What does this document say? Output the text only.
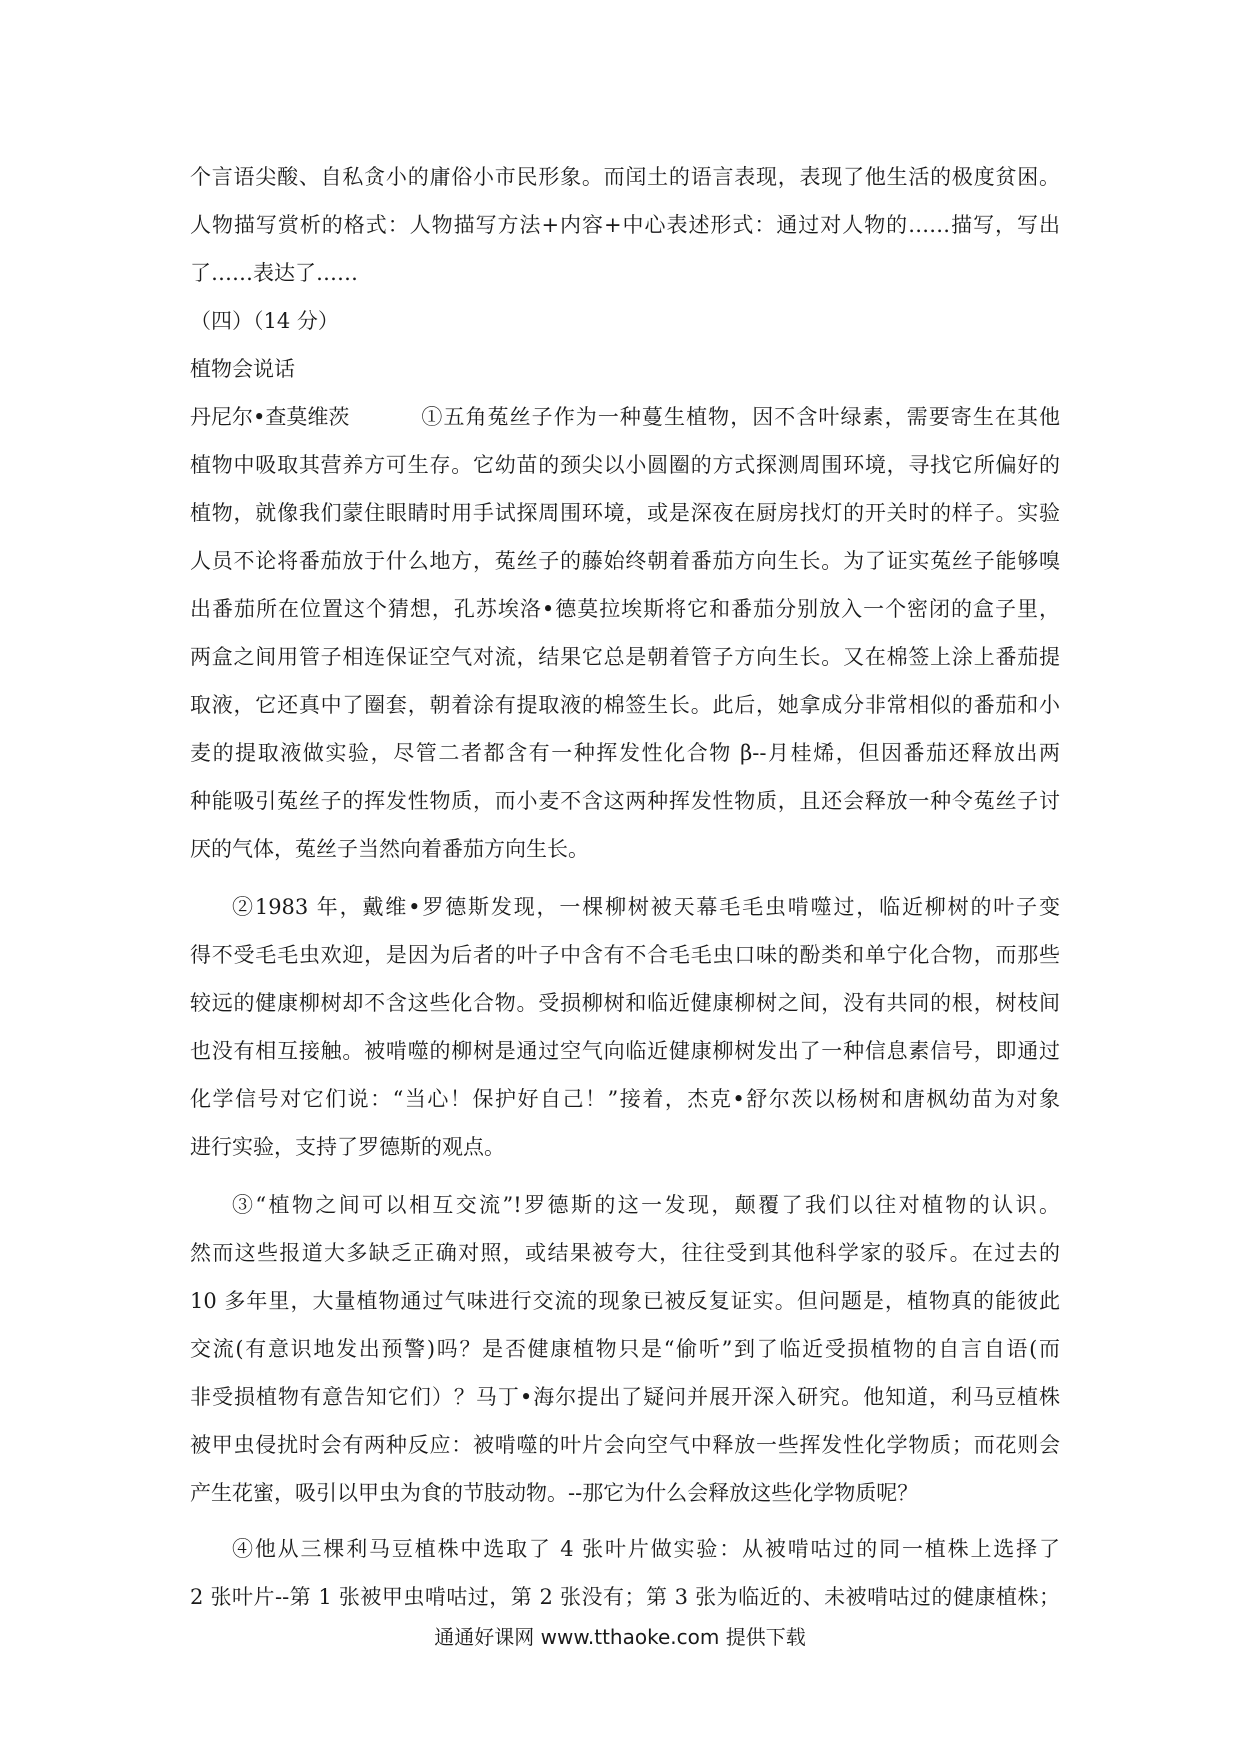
个言语尖酸、自私贪小的庸俗小市民形象。而闰土的语言表现，表现了他生活的极度贫困。
人物描写赏析的格式：人物描写方法+内容+中心表述形式：通过对人物的……描写，写出
了……表达了……
（四）（14 分）
植物会说话
丹尼尔•查莫维茨	①五角菟丝子作为一种蔓生植物，因不含叶绿素，需要寄生在其他
植物中吸取其营养方可生存。它幼苗的颈尖以小圆圈的方式探测周围环境，寻找它所偏好的
植物，就像我们蒙住眼睛时用手试探周围环境，或是深夜在厨房找灯的开关时的样子。实验
人员不论将番茄放于什么地方，菟丝子的藤始终朝着番茄方向生长。为了证实菟丝子能够嗅
出番茄所在位置这个猜想，孔苏埃洛•德莫拉埃斯将它和番茄分别放入一个密闭的盒子里，
两盒之间用管子相连保证空气对流，结果它总是朝着管子方向生长。又在棉签上涂上番茄提
取液，它还真中了圈套，朝着涂有提取液的棉签生长。此后，她拿成分非常相似的番茄和小
麦的提取液做实验，尽管二者都含有一种挥发性化合物 β--月桂烯，但因番茄还释放出两
种能吸引菟丝子的挥发性物质，而小麦不含这两种挥发性物质，且还会释放一种令菟丝子讨
厌的气体，菟丝子当然向着番茄方向生长。
②1983 年，戴维•罗德斯发现，一棵柳树被天幕毛毛虫啃噬过，临近柳树的叶子变
得不受毛毛虫欢迎，是因为后者的叶子中含有不合毛毛虫口味的酚类和单宁化合物，而那些
较远的健康柳树却不含这些化合物。受损柳树和临近健康柳树之间，没有共同的根，树枝间
也没有相互接触。被啃噬的柳树是通过空气向临近健康柳树发出了一种信息素信号，即通过
化学信号对它们说：“当心！保护好自己！”接着，杰克•舒尔茨以杨树和唐枫幼苗为对象
进行实验，支持了罗德斯的观点。
③“植物之间可以相互交流”!罗德斯的这一发现，颠覆了我们以往对植物的认识。
然而这些报道大多缺乏正确对照，或结果被夸大，往往受到其他科学家的驳斥。在过去的
10 多年里，大量植物通过气味进行交流的现象已被反复证实。但问题是，植物真的能彼此
交流(有意识地发出预警)吗？是否健康植物只是“偷听”到了临近受损植物的自言自语(而
非受损植物有意告知它们）？马丁•海尔提出了疑问并展开深入研究。他知道，利马豆植株
被甲虫侵扰时会有两种反应：被啃噬的叶片会向空气中释放一些挥发性化学物质；而花则会
产生花蜜，吸引以甲虫为食的节肢动物。--那它为什么会释放这些化学物质呢？
④他从三棵利马豆植株中选取了 4 张叶片做实验：从被啃咕过的同一植株上选择了
2 张叶片--第 1 张被甲虫啃咕过，第 2 张没有；第 3 张为临近的、未被啃咕过的健康植株；
通通好课网 www.tthaoke.com 提供下载
